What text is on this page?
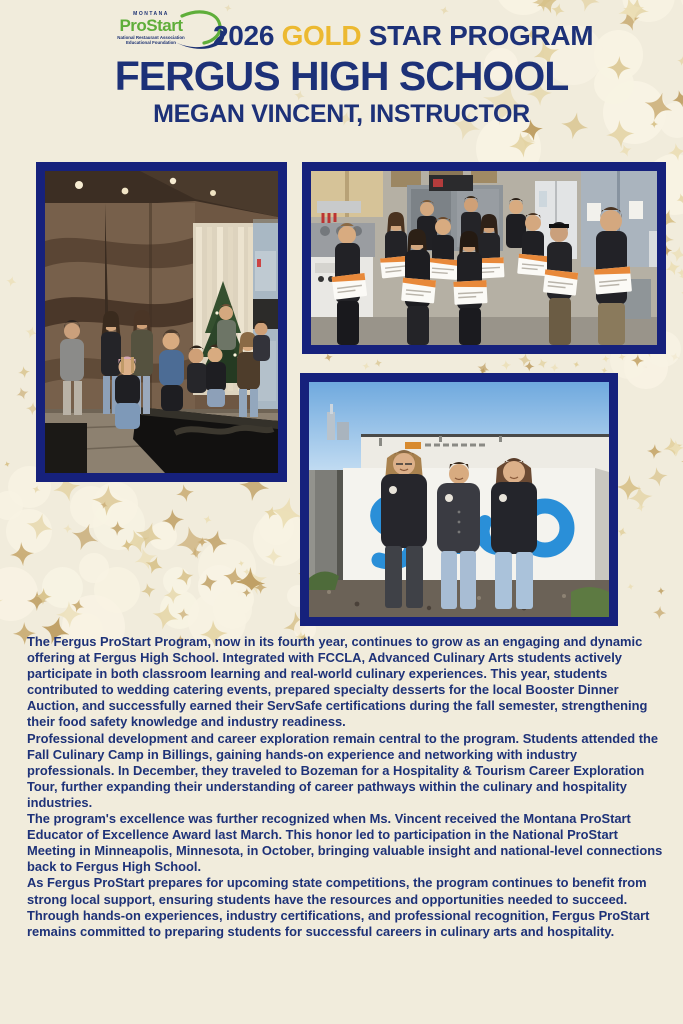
MONTANA
ProStart
National Restaurant Association
Educational Foundation	2026 GOLD STAR PROGRAM
FERGUS HIGH SCHOOL
MEGAN VINCENT, INSTRUCTOR

The Fergus ProStart Program, now in its fourth year, continues to grow as an engaging and dynamic offering at Fergus High School. Integrated with FCCLA, Advanced Culinary Arts students actively participate in both classroom learning and real-world culinary experiences. This year, students contributed to wedding catering events, prepared specialty desserts for the local Booster Dinner Auction, and successfully earned their ServSafe certifications during the fall semester, strengthening their food safety knowledge and industry readiness.

Professional development and career exploration remain central to the program. Students attended the Fall Culinary Camp in Billings, gaining hands-on experience and networking with industry professionals. In December, they traveled to Bozeman for a Hospitality & Tourism Career Exploration Tour, further expanding their understanding of career pathways within the culinary and hospitality industries.

The program's excellence was further recognized when Ms. Vincent received the Montana ProStart Educator of Excellence Award last March. This honor led to participation in the National ProStart Meeting in Minneapolis, Minnesota, in October, bringing valuable insight and national-level connections back to Fergus High School.

As Fergus ProStart prepares for upcoming state competitions, the program continues to benefit from strong local support, ensuring students have the resources and opportunities needed to succeed. Through hands-on experiences, industry certifications, and professional recognition, Fergus ProStart remains committed to preparing students for successful careers in culinary arts and hospitality.
